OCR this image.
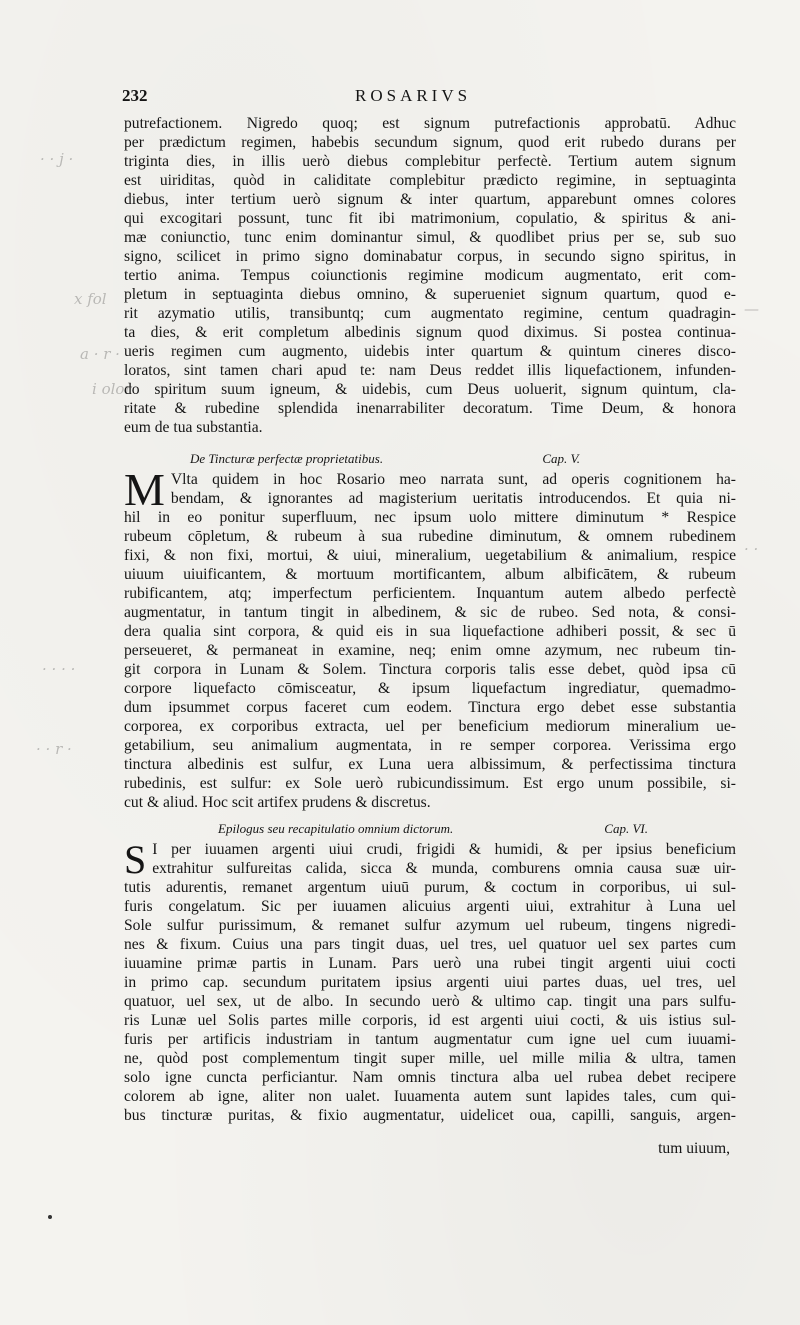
· · j ·
x fol
a · r ·
i olor
· · · ·
· · r ·
—
· ·
232	ROSARIVS
putrefactionem. Nigredo quoq; est signum putrefactionis approbatū. Adhuc
per prædictum regimen, habebis secundum signum, quod erit rubedo durans per
triginta dies, in illis uerò diebus complebitur perfectè. Tertium autem signum
est uiriditas, quòd in caliditate complebitur prædicto regimine, in septuaginta
diebus, inter tertium uerò signum & inter quartum, apparebunt omnes colores
qui excogitari possunt, tunc fit ibi matrimonium, copulatio, & spiritus & ani-
mæ coniunctio, tunc enim dominantur simul, & quodlibet prius per se, sub suo
signo, scilicet in primo signo dominabatur corpus, in secundo signo spiritus, in
tertio anima. Tempus coiunctionis regimine modicum augmentato, erit com-
pletum in septuaginta diebus omnino, & superueniet signum quartum, quod e-
rit azymatio utilis, transibuntq; cum augmentato regimine, centum quadragin-
ta dies, & erit completum albedinis signum quod diximus. Si postea continua-
ueris regimen cum augmento, uidebis inter quartum & quintum cineres disco-
loratos, sint tamen chari apud te: nam Deus reddet illis liquefactionem, infunden-
do spiritum suum igneum, & uidebis, cum Deus uoluerit, signum quintum, cla-
ritate & rubedine splendida inenarrabiliter decoratum. Time Deum, & honora
eum de tua substantia.
De Tincturæ perfectæ proprietatibus.	Cap. V.
M Vlta quidem in hoc Rosario meo narrata sunt, ad operis cognitionem ha-
bendam, & ignorantes ad magisterium ueritatis introducendos. Et quia ni-
hil in eo ponitur superfluum, nec ipsum uolo mittere diminutum * Respice
rubeum cōpletum, & rubeum à sua rubedine diminutum, & omnem rubedinem
fixi, & non fixi, mortui, & uiui, mineralium, uegetabilium & animalium, respice
uiuum uiuificantem, & mortuum mortificantem, album albificātem, & rubeum
rubificantem, atq; imperfectum perficientem. Inquantum autem albedo perfectè
augmentatur, in tantum tingit in albedinem, & sic de rubeo. Sed nota, & consi-
dera qualia sint corpora, & quid eis in sua liquefactione adhiberi possit, & sec ū
perseueret, & permaneat in examine, neq; enim omne azymum, nec rubeum tin-
git corpora in Lunam & Solem. Tinctura corporis talis esse debet, quòd ipsa cū
corpore liquefacto cōmisceatur, & ipsum liquefactum ingrediatur, quemadmo-
dum ipsummet corpus faceret cum eodem. Tinctura ergo debet esse substantia
corporea, ex corporibus extracta, uel per beneficium mediorum mineralium ue-
getabilium, seu animalium augmentata, in re semper corporea. Verissima ergo
tinctura albedinis est sulfur, ex Luna uera albissimum, & perfectissima tinctura
rubedinis, est sulfur: ex Sole uerò rubicundissimum. Est ergo unum possibile, si-
cut & aliud. Hoc scit artifex prudens & discretus.
Epilogus seu recapitulatio omnium dictorum.	Cap. VI.
S I per iuuamen argenti uiui crudi, frigidi & humidi, & per ipsius beneficium
extrahitur sulfureitas calida, sicca & munda, comburens omnia causa suæ uir-
tutis adurentis, remanet argentum uiuū purum, & coctum in corporibus, ui sul-
furis congelatum. Sic per iuuamen alicuius argenti uiui, extrahitur à Luna uel
Sole sulfur purissimum, & remanet sulfur azymum uel rubeum, tingens nigredi-
nes & fixum. Cuius una pars tingit duas, uel tres, uel quatuor uel sex partes cum
iuuamine primæ partis in Lunam. Pars uerò una rubei tingit argenti uiui cocti
in primo cap. secundum puritatem ipsius argenti uiui partes duas, uel tres, uel
quatuor, uel sex, ut de albo. In secundo uerò & ultimo cap. tingit una pars sulfu-
ris Lunæ uel Solis partes mille corporis, id est argenti uiui cocti, & uis istius sul-
furis per artificis industriam in tantum augmentatur cum igne uel cum iuuami-
ne, quòd post complementum tingit super mille, uel mille milia & ultra, tamen
solo igne cuncta perficiantur. Nam omnis tinctura alba uel rubea debet recipere
colorem ab igne, aliter non ualet. Iuuamenta autem sunt lapides tales, cum qui-
bus tincturæ puritas, & fixio augmentatur, uidelicet oua, capilli, sanguis, argen-
tum uiuum,
